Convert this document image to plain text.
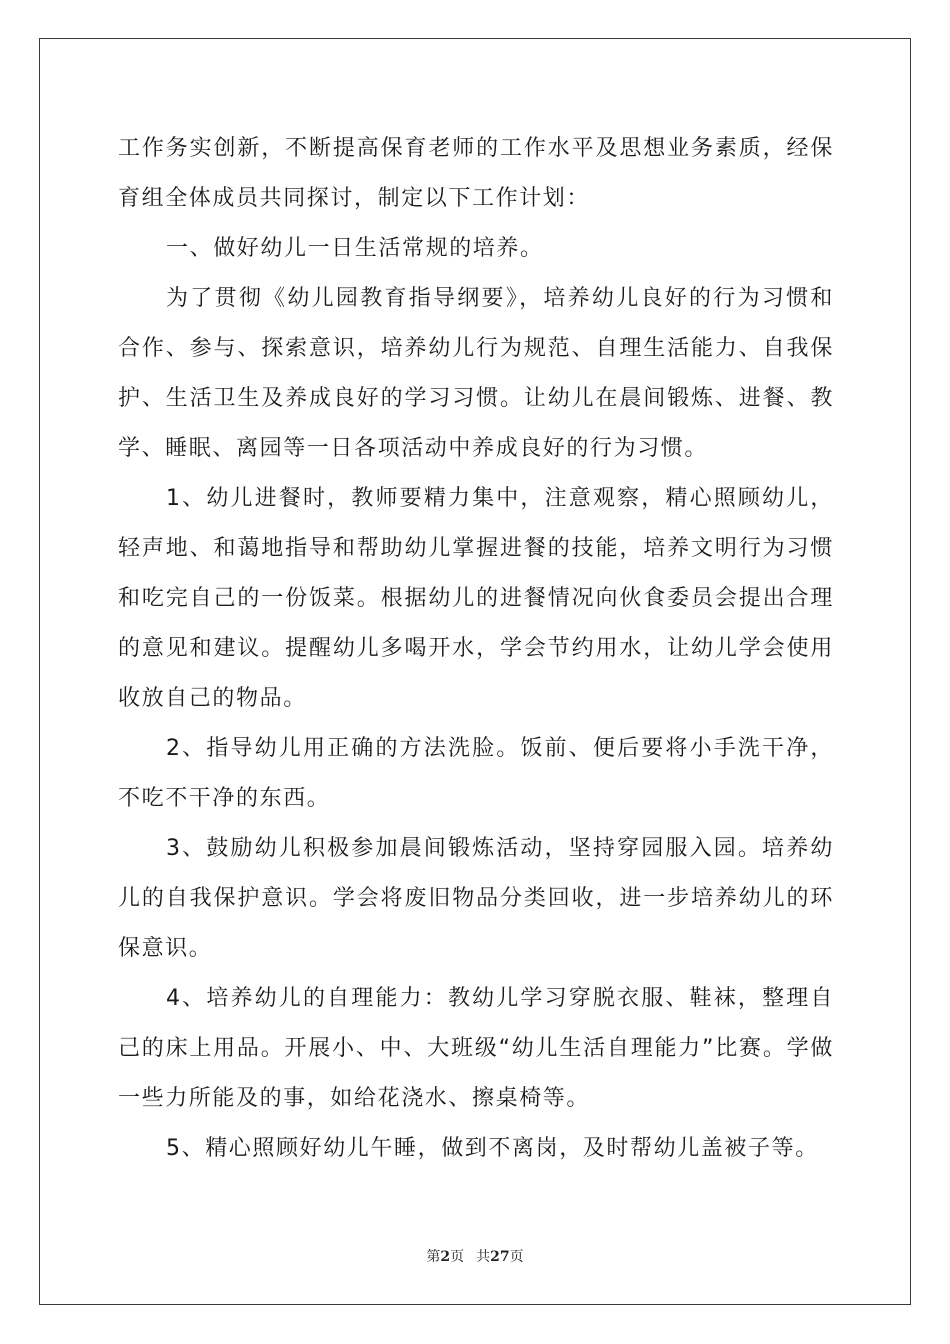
工作务实创新，不断提高保育老师的工作水平及思想业务素质，经保育组全体成员共同探讨，制定以下工作计划：

一、做好幼儿一日生活常规的培养。

为了贯彻《幼儿园教育指导纲要》，培养幼儿良好的行为习惯和合作、参与、探索意识，培养幼儿行为规范、自理生活能力、自我保护、生活卫生及养成良好的学习习惯。让幼儿在晨间锻炼、进餐、教学、睡眠、离园等一日各项活动中养成良好的行为习惯。

1、幼儿进餐时，教师要精力集中，注意观察，精心照顾幼儿，轻声地、和蔼地指导和帮助幼儿掌握进餐的技能，培养文明行为习惯和吃完自己的一份饭菜。根据幼儿的进餐情况向伙食委员会提出合理的意见和建议。提醒幼儿多喝开水，学会节约用水，让幼儿学会使用收放自己的物品。

2、指导幼儿用正确的方法洗脸。饭前、便后要将小手洗干净，不吃不干净的东西。

3、鼓励幼儿积极参加晨间锻炼活动，坚持穿园服入园。培养幼儿的自我保护意识。学会将废旧物品分类回收，进一步培养幼儿的环保意识。

4、培养幼儿的自理能力：教幼儿学习穿脱衣服、鞋袜，整理自己的床上用品。开展小、中、大班级“幼儿生活自理能力”比赛。学做一些力所能及的事，如给花浇水、擦桌椅等。

5、精心照顾好幼儿午睡，做到不离岗，及时帮幼儿盖被子等。

第2页 共27页
